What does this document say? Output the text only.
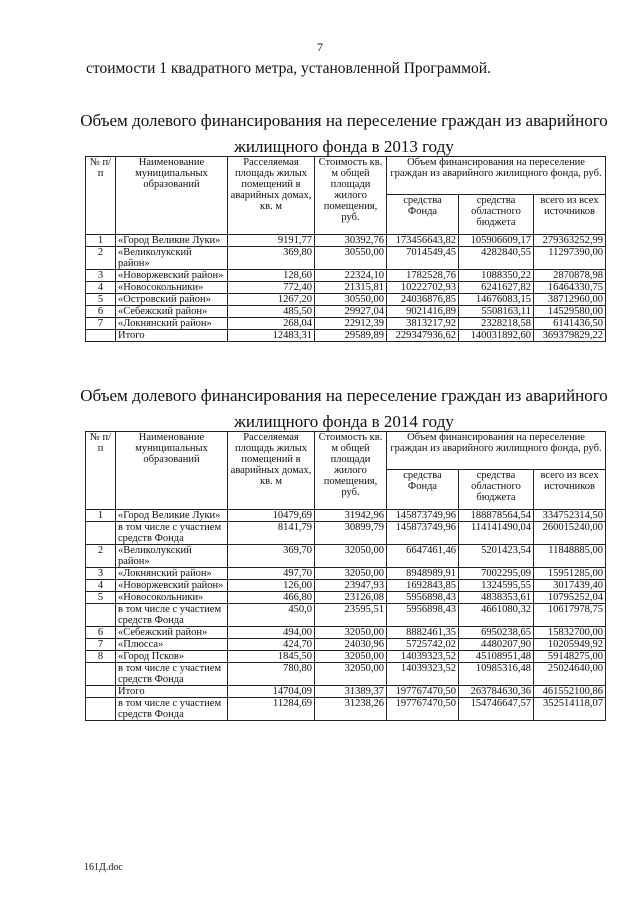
7
стоимости 1 квадратного метра, установленной Программой.
Объем долевого финансирования на переселение граждан из аварийного
жилищного фонда в 2013 году
№ п/п	Наименование муниципальных образований	Расселяемая площадь жилых помещений в аварийных домах, кв. м	Стоимость кв. м общей площади жилого помещения, руб.	Объем финансирования на переселение граждан из аварийного жилищного фонда, руб.		
				средства Фонда	средства областного бюджета	всего из всех источников
1	«Город Великие Луки»	9191,77	30392,76	173456643,82	105906609,17	279363252,99
2	«Великолукский район»	369,80	30550,00	7014549,45	4282840,55	11297390,00
3	«Новоржевский район»	128,60	22324,10	1782528,76	1088350,22	2870878,98
4	«Новосокольники»	772,40	21315,81	10222702,93	6241627,82	16464330,75
5	«Островский район»	1267,20	30550,00	24036876,85	14676083,15	38712960,00
6	«Себежский район»	485,50	29927,04	9021416,89	5508163,11	14529580,00
7	«Локнянский район»	268,04	22912,39	3813217,92	2328218,58	6141436,50
	Итого	12483,31	29589,89	229347936,62	140031892,60	369379829,22
Объем долевого финансирования на переселение граждан из аварийного
жилищного фонда в 2014 году
№ п/п	Наименование муниципальных образований	Расселяемая площадь жилых помещений в аварийных домах, кв. м	Стоимость кв. м общей площади жилого помещения, руб.	Объем финансирования на переселение граждан из аварийного жилищного фонда, руб.		
				средства Фонда	средства областного бюджета	всего из всех источников
1	«Город Великие Луки»	10479,69	31942,96	145873749,96	188878564,54	334752314,50
	в том числе с участием средств Фонда	8141,79	30899,79	145873749,96	114141490,04	260015240,00
2	«Великолукский район»	369,70	32050,00	6647461,46	5201423,54	11848885,00
3	«Локнянский район»	497,70	32050,00	8948989,91	7002295,09	15951285,00
4	«Новоржевский район»	126,00	23947,93	1692843,85	1324595,55	3017439,40
5	«Новосокольники»	466,80	23126,08	5956898,43	4838353,61	10795252,04
	в том числе с участием средств Фонда	450,0	23595,51	5956898,43	4661080,32	10617978,75
6	«Себежский район»	494,00	32050,00	8882461,35	6950238,65	15832700,00
7	«Плюсса»	424,70	24030,96	5725742,02	4480207,90	10205949,92
8	«Город Псков»	1845,50	32050,00	14039323,52	45108951,48	59148275,00
	в том числе с участием средств Фонда	780,80	32050,00	14039323,52	10985316,48	25024640,00
	Итого	14704,09	31389,37	197767470,50	263784630,36	461552100,86
	в том числе с участием средств Фонда	11284,69	31238,26	197767470,50	154746647,57	352514118,07
161Д.doc
